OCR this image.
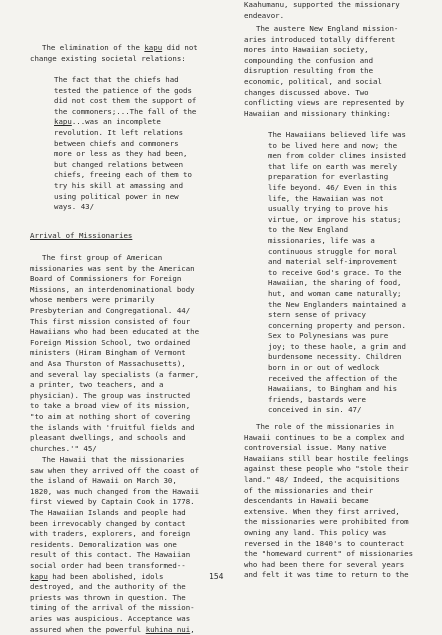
The elimination of the kapu did not

change existing societal relations:

The fact that the chiefs had

tested the patience of the gods

did not cost them the support of

the commoners;...The fall of the

kapu...was an incomplete

revolution. It left relations

between chiefs and commoners

more or less as they had been,

but changed relations between

chiefs, freeing each of them to

try his skill at amassing and

using political power in new

ways. 43/

Arrival of Missionaries

The first group of American

missionaries was sent by the American

Board of Commissioners for Foreign

Missions, an interdenominational body

whose members were primarily

Presbyterian and Congregational. 44/

This first mission consisted of four

Hawaiians who had been educated at the

Foreign Mission School, two ordained

ministers (Hiram Bingham of Vermont

and Asa Thurston of Massachusetts),

and several lay specialists (a farmer,

a printer, two teachers, and a

physician). The group was instructed

to take a broad view of its mission,

"to aim at nothing short of covering

the islands with 'fruitful fields and

pleasant dwellings, and schools and

churches.'" 45/

The Hawaii that the missionaries

saw when they arrived off the coast of

the island of Hawaii on March 30,

1820, was much changed from the Hawaii

first viewed by Captain Cook in 1778.

The Hawaiian Islands and people had

been irrevocably changed by contact

with traders, explorers, and foreign

residents. Demoralization was one

result of this contact. The Hawaiian

social order had been transformed--

kapu had been abolished, idols

destroyed, and the authority of the

priests was thrown in question. The

timing of the arrival of the mission-

aries was auspicious. Acceptance was

assured when the powerful kuhina nui,

Kaahumanu, supported the missionary

endeavor.

The austere New England mission-

aries introduced totally different

mores into Hawaiian society,

compounding the confusion and

disruption resulting from the

economic, political, and social

changes discussed above. Two

conflicting views are represented by

Hawaiian and missionary thinking:

The Hawaiians believed life was

to be lived here and now; the

men from colder climes insisted

that life on earth was merely

preparation for everlasting

life beyond. 46/ Even in this

life, the Hawaiian was not

usually trying to prove his

virtue, or improve his status;

to the New England

missionaries, life was a

continuous struggle for moral

and material self-improvement

to receive God's grace. To the

Hawaiian, the sharing of food,

hut, and woman came naturally;

the New Englanders maintained a

stern sense of privacy

concerning property and person.

Sex to Polynesians was pure

joy; to these haole, a grim and

burdensome necessity. Children

born in or out of wedlock

received the affection of the

Hawaiians, to Bingham and his

friends, bastards were

conceived in sin. 47/

The role of the missionaries in

Hawaii continues to be a complex and

controversial issue. Many native

Hawaiians still bear hostile feelings

against these people who "stole their

land." 48/ Indeed, the acquisitions

of the missionaries and their

descendants in Hawaii became

extensive. When they first arrived,

the missionaries were prohibited from

owning any land. This policy was

reversed in the 1840's to counteract

the "homeward current" of missionaries

who had been there for several years

and felt it was time to return to the

154
